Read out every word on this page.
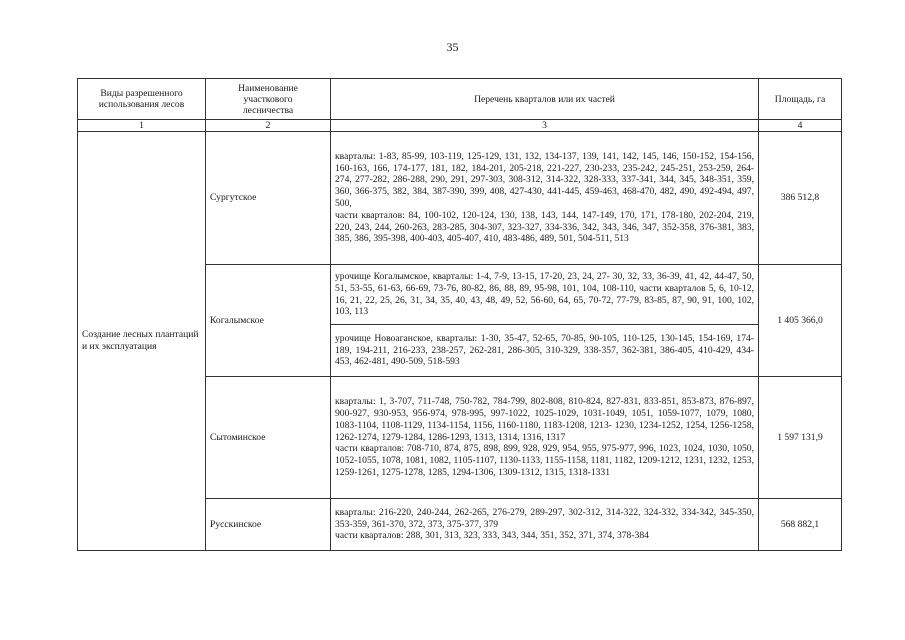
35
Виды разрешенного использования лесов	Наименование участкового лесничества	Перечень кварталов или их частей	Площадь, га
1	2	3	4
Создание лесных плантаций и их эксплуатация	Сургутское	кварталы: 1-83, 85-99, 103-119, 125-129, 131, 132, 134-137, 139, 141, 142, 145, 146, 150-152, 154-156, 160-163, 166, 174-177, 181, 182, 184-201, 205-218, 221-227, 230-233, 235-242, 245-251, 253-259, 264-274, 277-282, 286-288, 290, 291, 297-303, 308-312, 314-322, 328-333, 337-341, 344, 345, 348-351, 359, 360, 366-375, 382, 384, 387-390, 399, 408, 427-430, 441-445, 459-463, 468-470, 482, 490, 492-494, 497, 500,
части кварталов: 84, 100-102, 120-124, 130, 138, 143, 144, 147-149, 170, 171, 178-180, 202-204, 219, 220, 243, 244, 260-263, 283-285, 304-307, 323-327, 334-336, 342, 343, 346, 347, 352-358, 376-381, 383, 385, 386, 395-398, 400-403, 405-407, 410, 483-486, 489, 501, 504-511, 513	386 512,8
	Когалымское	урочище Когалымское, кварталы: 1-4, 7-9, 13-15, 17-20, 23, 24, 27- 30, 32, 33, 36-39, 41, 42, 44-47, 50, 51, 53-55, 61-63, 66-69, 73-76, 80-82, 86, 88, 89, 95-98, 101, 104, 108-110, части кварталов 5, 6, 10-12, 16, 21, 22, 25, 26, 31, 34, 35, 40, 43, 48, 49, 52, 56-60, 64, 65, 70-72, 77-79, 83-85, 87, 90, 91, 100, 102, 103, 113	1 405 366,0

		урочище Новоаганское, кварталы: 1-30, 35-47, 52-65, 70-85, 90-105, 110-125, 130-145, 154-169, 174-189, 194-211, 216-233, 238-257, 262-281, 286-305, 310-329, 338-357, 362-381, 386-405, 410-429, 434-453, 462-481, 490-509, 518-593	

	Сытоминское	кварталы: 1, 3-707, 711-748, 750-782, 784-799, 802-808, 810-824, 827-831, 833-851, 853-873, 876-897, 900-927, 930-953, 956-974, 978-995, 997-1022, 1025-1029, 1031-1049, 1051, 1059-1077, 1079, 1080, 1083-1104, 1108-1129, 1134-1154, 1156, 1160-1180, 1183-1208, 1213- 1230, 1234-1252, 1254, 1256-1258, 1262-1274, 1279-1284, 1286-1293, 1313, 1314, 1316, 1317
части кварталов: 708-710, 874, 875, 898, 899, 928, 929, 954, 955, 975-977, 996, 1023, 1024, 1030, 1050, 1052-1055, 1078, 1081, 1082, 1105-1107, 1130-1133, 1155-1158, 1181, 1182, 1209-1212, 1231, 1232, 1253, 1259-1261, 1275-1278, 1285, 1294-1306, 1309-1312, 1315, 1318-1331	1 597 131,9
	Русскинское	кварталы: 216-220, 240-244, 262-265, 276-279, 289-297, 302-312, 314-322, 324-332, 334-342, 345-350, 353-359, 361-370, 372, 373, 375-377, 379
части кварталов: 288, 301, 313, 323, 333, 343, 344, 351, 352, 371, 374, 378-384	568 882,1
